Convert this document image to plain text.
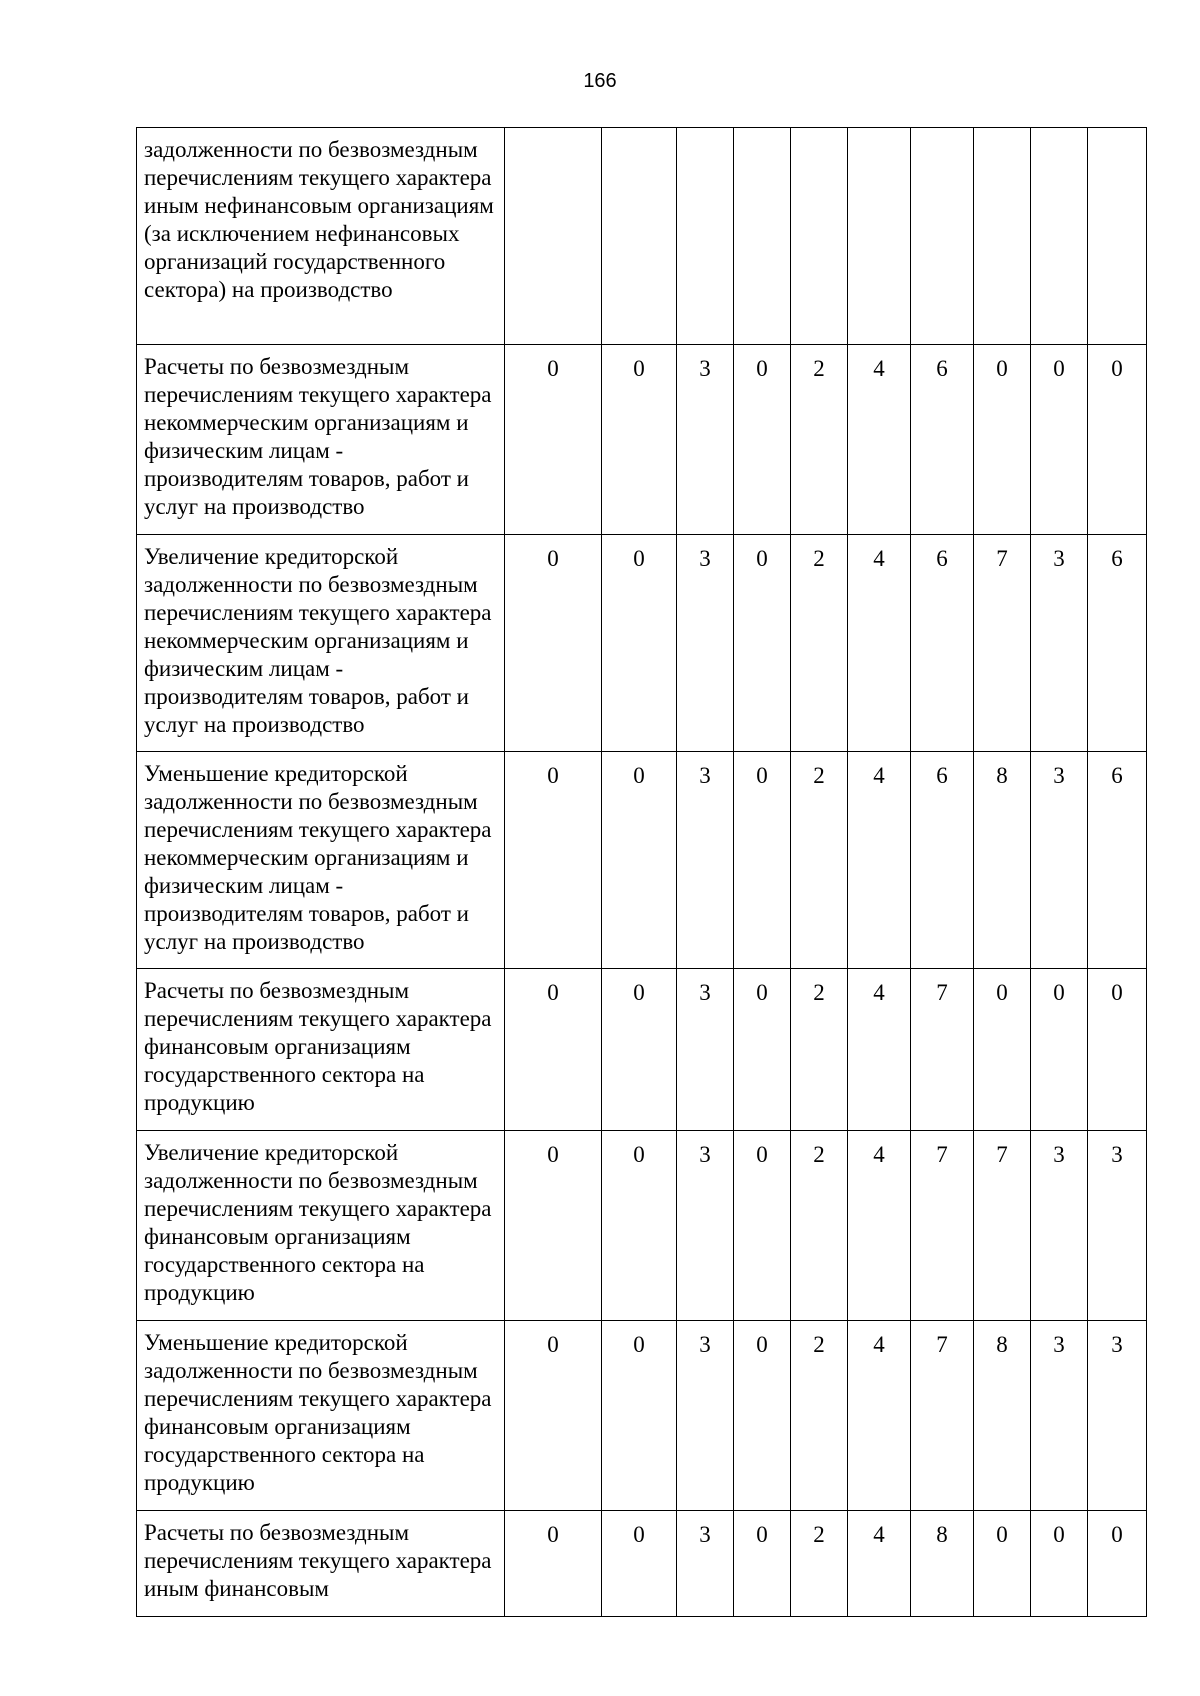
166
задолженности по безвозмездным перечислениям текущего характера иным нефинансовым организациям (за исключением нефинансовых организаций государственного сектора) на производство										
Расчеты по безвозмездным перечислениям текущего характера некоммерческим организациям и физическим лицам - производителям товаров, работ и услуг на производство	0	0	3	0	2	4	6	0	0	0
Увеличение кредиторской задолженности по безвозмездным перечислениям текущего характера некоммерческим организациям и физическим лицам - производителям товаров, работ и услуг на производство	0	0	3	0	2	4	6	7	3	6
Уменьшение кредиторской задолженности по безвозмездным перечислениям текущего характера некоммерческим организациям и физическим лицам - производителям товаров, работ и услуг на производство	0	0	3	0	2	4	6	8	3	6
Расчеты по безвозмездным перечислениям текущего характера финансовым организациям государственного сектора на продукцию	0	0	3	0	2	4	7	0	0	0
Увеличение кредиторской задолженности по безвозмездным перечислениям текущего характера финансовым организациям государственного сектора на продукцию	0	0	3	0	2	4	7	7	3	3
Уменьшение кредиторской задолженности по безвозмездным перечислениям текущего характера финансовым организациям государственного сектора на продукцию	0	0	3	0	2	4	7	8	3	3
Расчеты по безвозмездным перечислениям текущего характера иным финансовым	0	0	3	0	2	4	8	0	0	0
